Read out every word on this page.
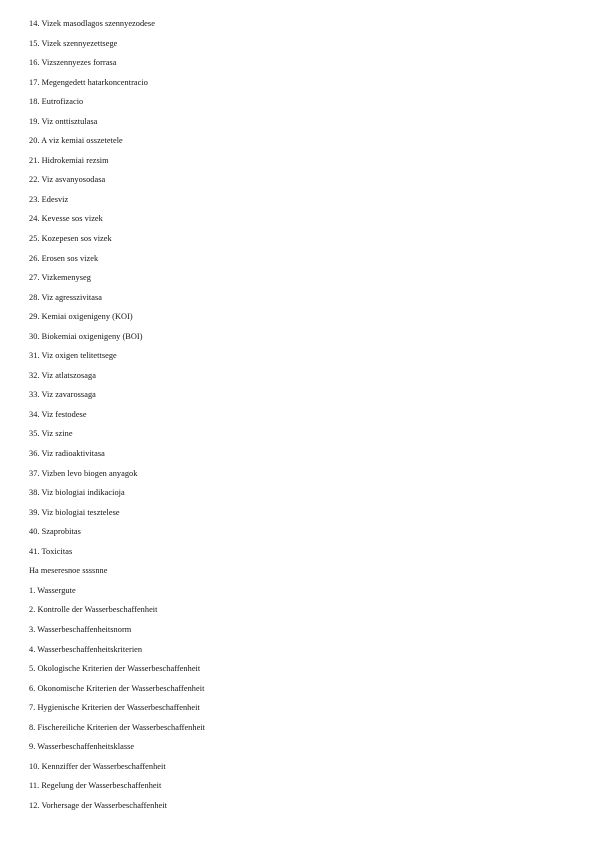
14. Vizek masodlagos szennyezodese
15. Vizek szennyezettsege
16. Vizszennyezes forrasa
17. Megengedett hatarkoncentracio
18. Eutrofizacio
19. Viz onttisztulasa
20. A viz kemiai osszetetele
21. Hidrokemiai rezsim
22. Viz asvanyosodasa
23. Edesviz
24. Kevesse sos vizek
25. Kozepesen sos vizek
26. Erosen sos vizek
27. Vizkemenyseg
28. Viz agresszivitasa
29. Kemiai oxigenigeny (KOI)
30. Biokemiai oxigenigeny (BOI)
31. Viz oxigen telitettsege
32. Viz atlatszosaga
33. Viz zavarossaga
34. Viz festodese
35. Viz szine
36. Viz radioaktivitasa
37. Vizben levo biogen anyagok
38. Viz biologiai indikacioja
39. Viz biologiai tesztelese
40. Szaprobitas
41. Toxicitas
Ha meseresnoe ssssnne
1. Wassergute
2. Kontrolle der Wasserbeschaffenheit
3. Wasserbeschaffenheitsnorm
4. Wasserbeschaffenheitskriterien
5. Okologische Kriterien der Wasserbeschaffenheit
6. Okonomische Kriterien der Wasserbeschaffenheit
7. Hygienische Kriterien der Wasserbeschaffenheit
8. Fischereiliche Kriterien der Wasserbeschaffenheit
9. Wasserbeschaffenheitsklasse
10. Kennziffer der Wasserbeschaffenheit
11. Regelung der Wasserbeschaffenheit
12. Vorhersage der Wasserbeschaffenheit
